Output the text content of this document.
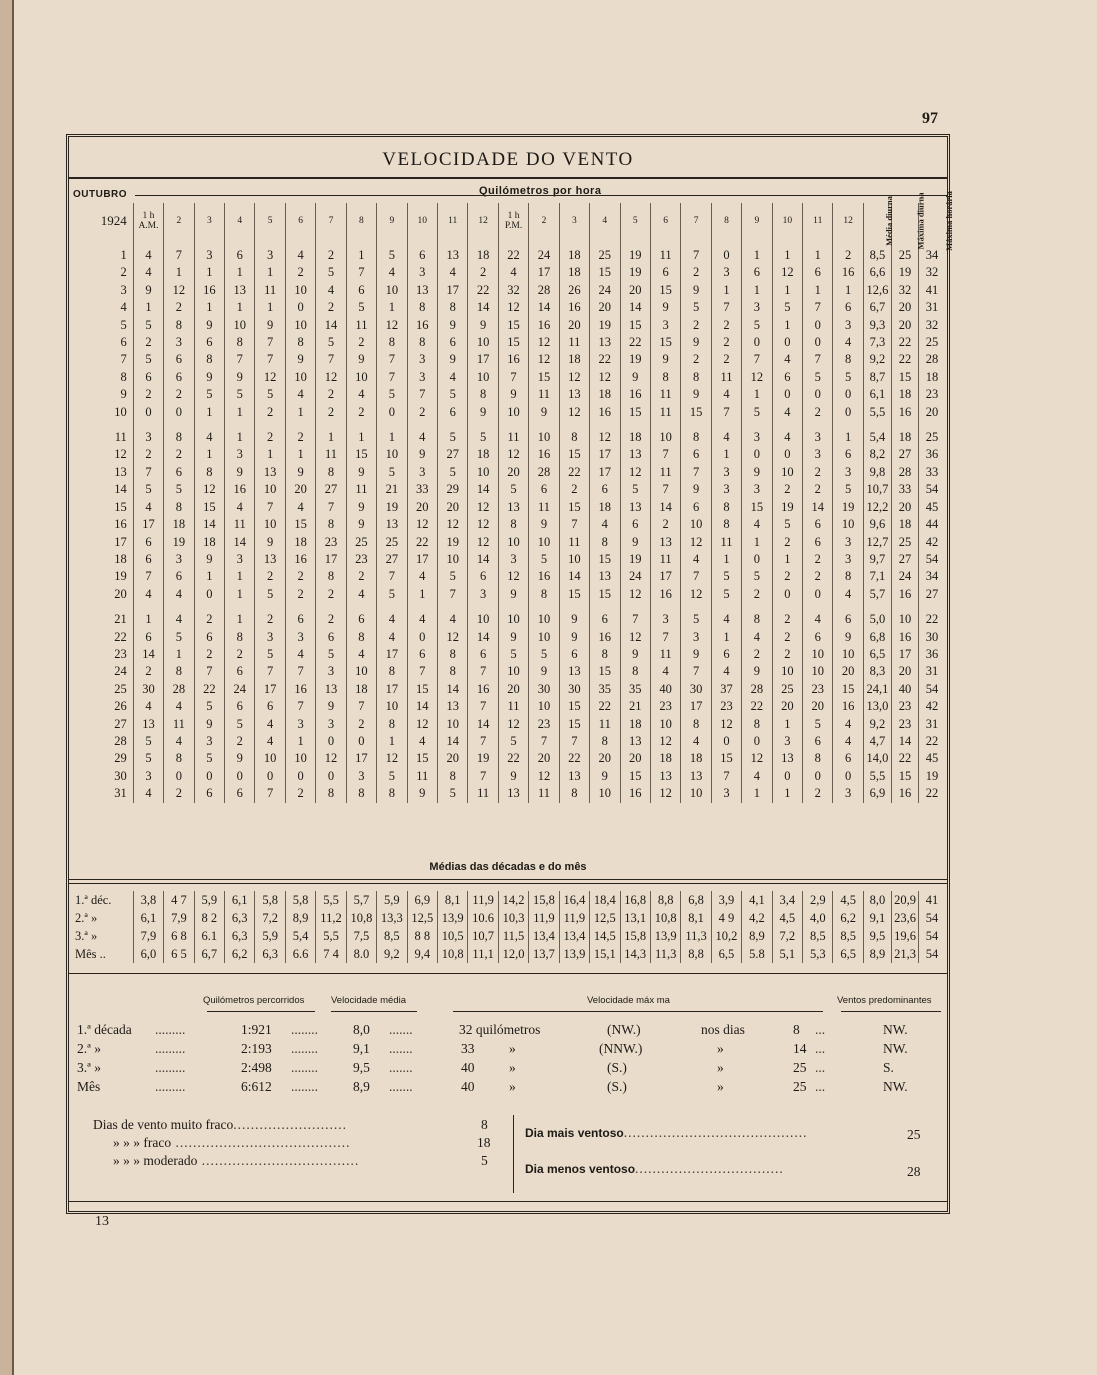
97
VELOCIDADE DO VENTO
OUTUBRO	Quilómetros por hora
1924	1 h
A.M.	2	3	4	5	6	7	8	9	10	11	12	1 h
P.M.	2	3	4	5	6	7	8	9	10	11	12	Média diurna	Máxima diurna	Máxima horária

1	4	7	3	6	3	4	2	1	5	6	13	18	22	24	18	25	19	11	7	0	1	1	1	2	8,5	25	34
2	4	1	1	1	1	2	5	7	4	3	4	2	4	17	18	15	19	6	2	3	6	12	6	16	6,6	19	32
3	9	12	16	13	11	10	4	6	10	13	17	22	32	28	26	24	20	15	9	1	1	1	1	1	12,6	32	41
4	1	2	1	1	1	0	2	5	1	8	8	14	12	14	16	20	14	9	5	7	3	5	7	6	6,7	20	31
5	5	8	9	10	9	10	14	11	12	16	9	9	15	16	20	19	15	3	2	2	5	1	0	3	9,3	20	32
6	2	3	6	8	7	8	5	2	8	8	6	10	15	12	11	13	22	15	9	2	0	0	0	4	7,3	22	25
7	5	6	8	7	7	9	7	9	7	3	9	17	16	12	18	22	19	9	2	2	7	4	7	8	9,2	22	28
8	6	6	9	9	12	10	12	10	7	3	4	10	7	15	12	12	9	8	8	11	12	6	5	5	8,7	15	18
9	2	2	5	5	5	4	2	4	5	7	5	8	9	11	13	18	16	11	9	4	1	0	0	0	6,1	18	23
10	0	0	1	1	2	1	2	2	0	2	6	9	10	9	12	16	15	11	15	7	5	4	2	0	5,5	16	20

11	3	8	4	1	2	2	1	1	1	4	5	5	11	10	8	12	18	10	8	4	3	4	3	1	5,4	18	25
12	2	2	1	3	1	1	11	15	10	9	27	18	12	16	15	17	13	7	6	1	0	0	3	6	8,2	27	36
13	7	6	8	9	13	9	8	9	5	3	5	10	20	28	22	17	12	11	7	3	9	10	2	3	9,8	28	33
14	5	5	12	16	10	20	27	11	21	33	29	14	5	6	2	6	5	7	9	3	3	2	2	5	10,7	33	54
15	4	8	15	4	7	4	7	9	19	20	20	12	13	11	15	18	13	14	6	8	15	19	14	19	12,2	20	45
16	17	18	14	11	10	15	8	9	13	12	12	12	8	9	7	4	6	2	10	8	4	5	6	10	9,6	18	44
17	6	19	18	14	9	18	23	25	25	22	19	12	10	10	11	8	9	13	12	11	1	2	6	3	12,7	25	42
18	6	3	9	3	13	16	17	23	27	17	10	14	3	5	10	15	19	11	4	1	0	1	2	3	9,7	27	54
19	7	6	1	1	2	2	8	2	7	4	5	6	12	16	14	13	24	17	7	5	5	2	2	8	7,1	24	34
20	4	4	0	1	5	2	2	4	5	1	7	3	9	8	15	15	12	16	12	5	2	0	0	4	5,7	16	27

21	1	4	2	1	2	6	2	6	4	4	4	10	10	10	9	6	7	3	5	4	8	2	4	6	5,0	10	22
22	6	5	6	8	3	3	6	8	4	0	12	14	9	10	9	16	12	7	3	1	4	2	6	9	6,8	16	30
23	14	1	2	2	5	4	5	4	17	6	8	6	5	5	6	8	9	11	9	6	2	2	10	10	6,5	17	36
24	2	8	7	6	7	7	3	10	8	7	8	7	10	9	13	15	8	4	7	4	9	10	10	20	8,3	20	31
25	30	28	22	24	17	16	13	18	17	15	14	16	20	30	30	35	35	40	30	37	28	25	23	15	24,1	40	54
26	4	4	5	6	6	7	9	7	10	14	13	7	11	10	15	22	21	23	17	23	22	20	20	16	13,0	23	42
27	13	11	9	5	4	3	3	2	8	12	10	14	12	23	15	11	18	10	8	12	8	1	5	4	9,2	23	31
28	5	4	3	2	4	1	0	0	1	4	14	7	5	7	7	8	13	12	4	0	0	3	6	4	4,7	14	22
29	5	8	5	9	10	10	12	17	12	15	20	19	22	20	22	20	20	18	18	15	12	13	8	6	14,0	22	45
30	3	0	0	0	0	0	0	3	5	11	8	7	9	12	13	9	15	13	13	7	4	0	0	0	5,5	15	19
31	4	2	6	6	7	2	8	8	8	9	5	11	13	11	8	10	16	12	10	3	1	1	2	3	6,9	16	22
Médias das décadas e do mês
1.ª déc.	3,8	4 7	5,9	6,1	5,8	5,8	5,5	5,7	5,9	6,9	8,1	11,9	14,2	15,8	16,4	18,4	16,8	8,8	6,8	3,9	4,1	3,4	2,9	4,5	8,0	20,9	41
2.ª »	6,1	7,9	8 2	6,3	7,2	8,9	11,2	10,8	13,3	12,5	13,9	10.6	10,3	11,9	11,9	12,5	13,1	10,8	8,1	4 9	4,2	4,5	4,0	6,2	9,1	23,6	54
3.ª »	7,9	6 8	6.1	6,3	5,9	5,4	5,5	7,5	8,5	8 8	10,5	10,7	11,5	13,4	13,4	14,5	15,8	13,9	11,3	10,2	8,9	7,2	8,5	8,5	9,5	19,6	54
Mês ..	6,0	6 5	6,7	6,2	6,3	6.6	7 4	8.0	9,2	9,4	10,8	11,1	12,0	13,7	13,9	15,1	14,3	11,3	8,8	6,5	5.8	5,1	5,3	6,5	8,9	21,3	54
Quilómetros percorridos	Velocidade média	Velocidade máx ma	Ventos predominantes
1.ª década .........	1:921 ........	8,0 .......	32 quilómetros	(NW.)	nos dias	8 ...	NW.
2.ª »	.........	2:193 ........	9,1 .......	33	»	(NNW.)	»	14 ...	NW.
3.ª »	.........	2:498 ........	9,5 .......	40	»	(S.)	»	25 ...	S.
Mês	.........	6:612 ........	8,9 .......	40	»	(S.)	»	25 ...	NW.
Dias de vento muito fraco..........................	8
» » » fraco ........................................	18
» » » moderado ....................................	5
Dia mais ventoso..........................................	25
Dia menos ventoso..................................	28
13
